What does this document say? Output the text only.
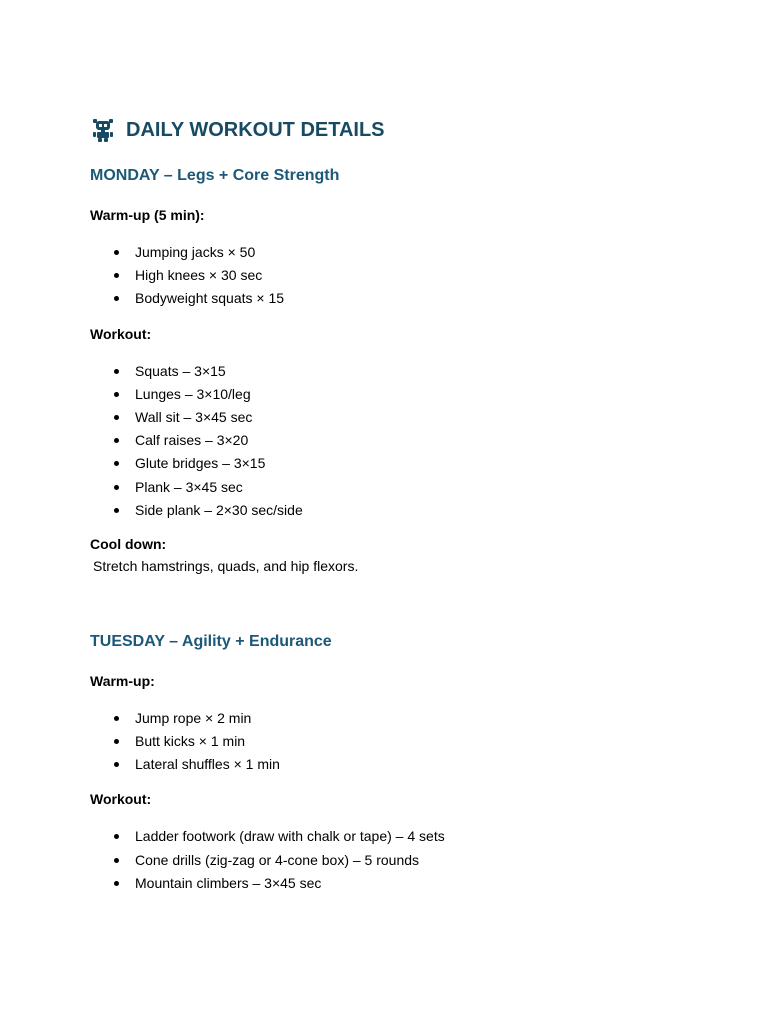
DAILY WORKOUT DETAILS
MONDAY – Legs + Core Strength

Warm-up (5 min):

Jumping jacks × 50
High knees × 30 sec
Bodyweight squats × 15

Workout:

Squats – 3×15
Lunges – 3×10/leg
Wall sit – 3×45 sec
Calf raises – 3×20
Glute bridges – 3×15
Plank – 3×45 sec
Side plank – 2×30 sec/side

Cool down:

Stretch hamstrings, quads, and hip flexors.

TUESDAY – Agility + Endurance

Warm-up:

Jump rope × 2 min
Butt kicks × 1 min
Lateral shuffles × 1 min

Workout:

Ladder footwork (draw with chalk or tape) – 4 sets
Cone drills (zig-zag or 4-cone box) – 5 rounds
Mountain climbers – 3×45 sec
